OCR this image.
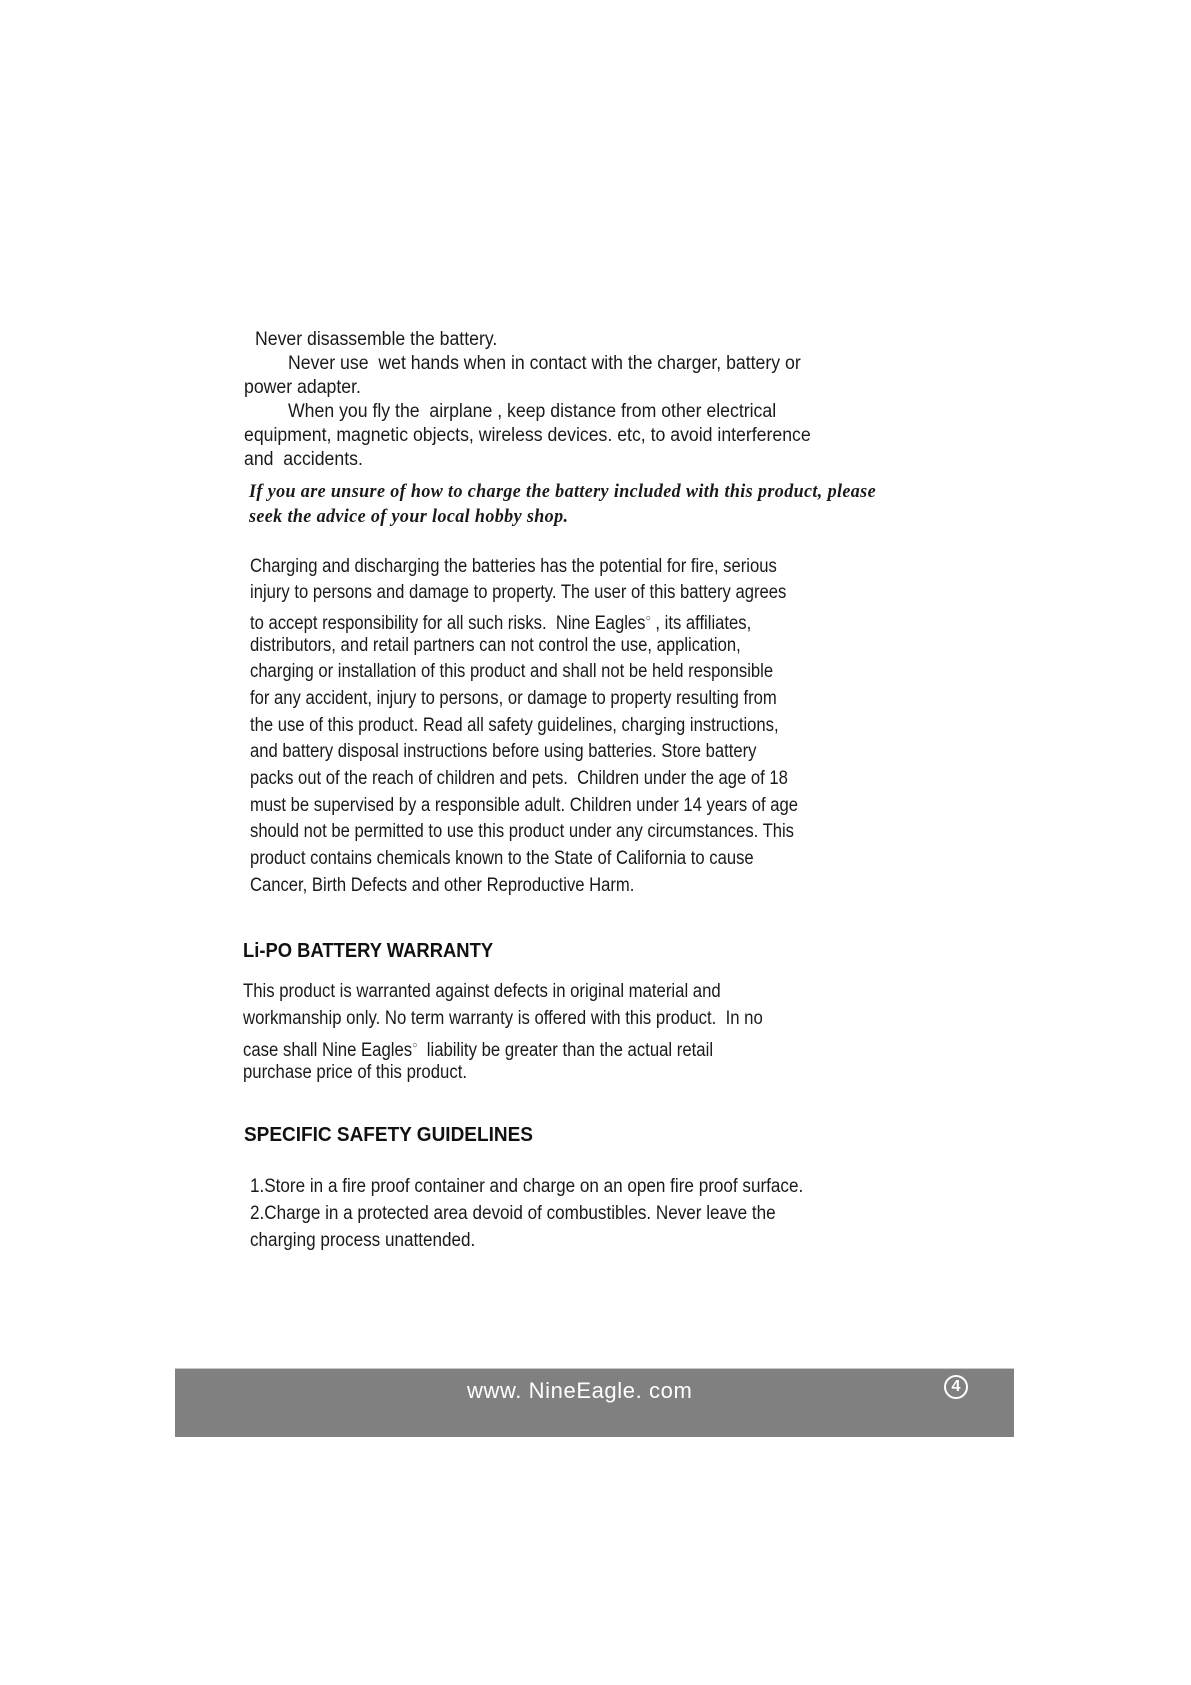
Never disassemble the battery.
Never use  wet hands when in contact with the charger, battery or
power adapter.
When you fly the  airplane , keep distance from other electrical
equipment, magnetic objects, wireless devices. etc, to avoid interference
and  accidents.
If you are unsure of how to charge the battery included with this product, please
seek the advice of your local hobby shop.
Charging and discharging the batteries has the potential for fire, serious
injury to persons and damage to property. The user of this battery agrees
to accept responsibility for all such risks.  Nine Eagles○ , its affiliates,
distributors, and retail partners can not control the use, application,
charging or installation of this product and shall not be held responsible
for any accident, injury to persons, or damage to property resulting from
the use of this product. Read all safety guidelines, charging instructions,
and battery disposal instructions before using batteries. Store battery
packs out of the reach of children and pets.  Children under the age of 18
must be supervised by a responsible adult. Children under 14 years of age
should not be permitted to use this product under any circumstances. This
product contains chemicals known to the State of California to cause
Cancer, Birth Defects and other Reproductive Harm.
Li-PO BATTERY WARRANTY
This product is warranted against defects in original material and
workmanship only. No term warranty is offered with this product.  In no
case shall Nine Eagles○  liability be greater than the actual retail
purchase price of this product.
SPECIFIC SAFETY GUIDELINES
1.Store in a fire proof container and charge on an open fire proof surface.
2.Charge in a protected area devoid of combustibles. Never leave the
charging process unattended.
www. NineEagle. com	4
